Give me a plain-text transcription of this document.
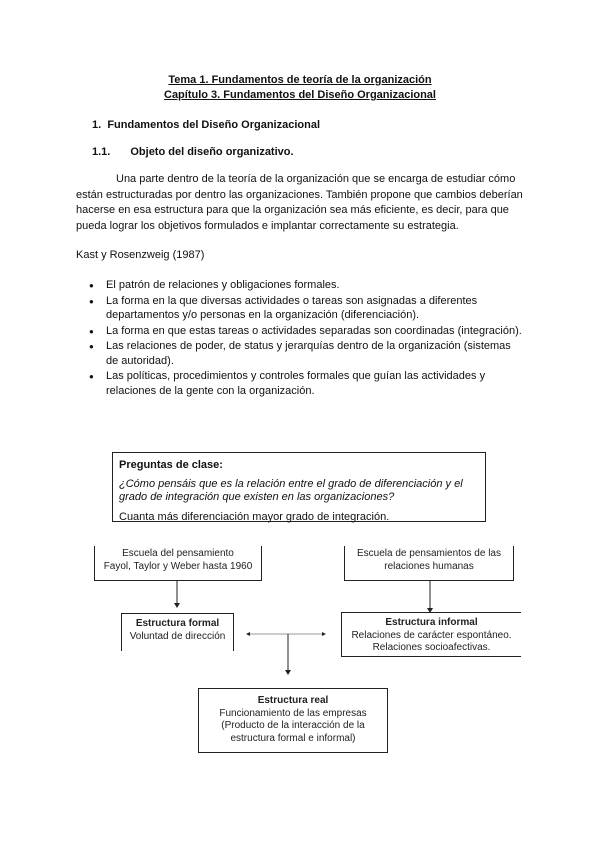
Tema 1. Fundamentos de teoría de la organización
Capítulo 3. Fundamentos del Diseño Organizacional
1. Fundamentos del Diseño Organizacional
1.1. Objeto del diseño organizativo.

Una parte dentro de la teoría de la organización que se encarga de estudiar cómo están estructuradas por dentro las organizaciones. También propone que cambios deberían hacerse en esa estructura para que la organización sea más eficiente, es decir, para que pueda lograr los objetivos formulados e implantar correctamente su estrategia.

Kast y Rosenzweig (1987)

● El patrón de relaciones y obligaciones formales.
● La forma en la que diversas actividades o tareas son asignadas a diferentes departamentos y/o personas en la organización (diferenciación).
● La forma en que estas tareas o actividades separadas son coordinadas (integración).
● Las relaciones de poder, de status y jerarquías dentro de la organización (sistemas de autoridad).
● Las políticas, procedimientos y controles formales que guían las actividades y relaciones de la gente con la organización.
Preguntas de clase:
¿Cómo pensáis que es la relación entre el grado de diferenciación y el grado de integración que existen en las organizaciones?
Cuanta más diferenciación mayor grado de integración.
Escuela del pensamiento
Fayol, Taylor y Weber hasta 1960
Escuela de pensamientos de las
relaciones humanas
Estructura formal
Voluntad de dirección
Estructura informal
Relaciones de carácter espontáneo.
Relaciones socioafectivas.
Estructura real
Funcionamiento de las empresas
(Producto de la interacción de la
estructura formal e informal)
